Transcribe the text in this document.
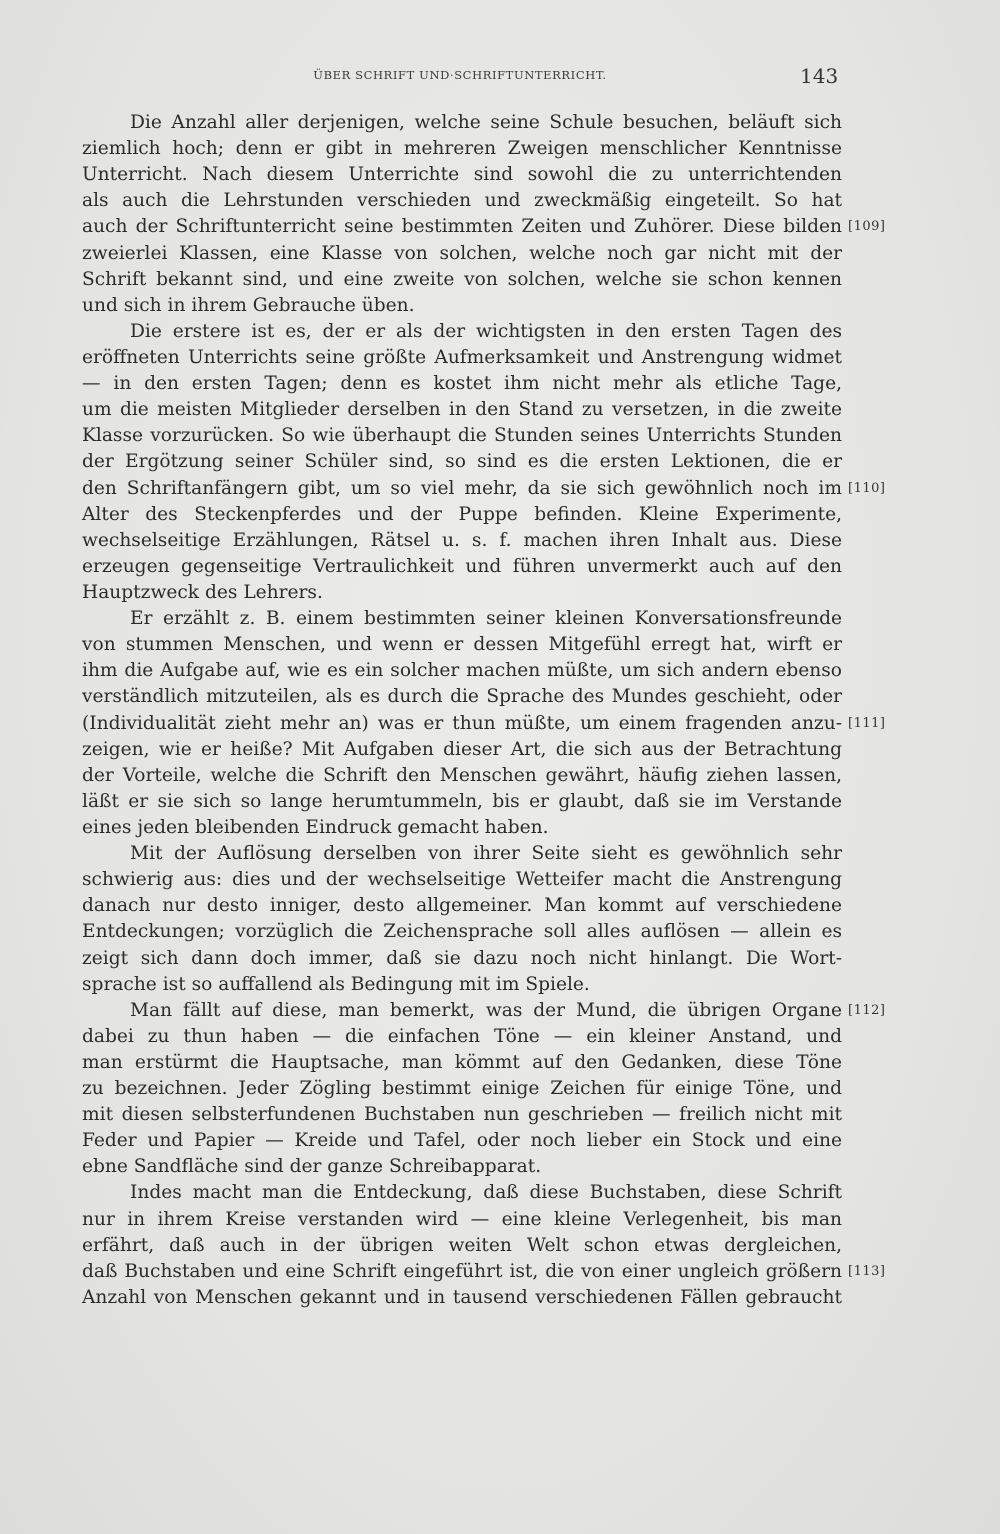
ÜBER SCHRIFT UND·SCHRIFTUNTERRICHT.	143
Die Anzahl aller derjenigen, welche seine Schule besuchen, beläuft sich
ziemlich hoch; denn er gibt in mehreren Zweigen menschlicher Kenntnisse
Unterricht. Nach diesem Unterrichte sind sowohl die zu unterrichtenden
als auch die Lehrstunden verschieden und zweckmäßig eingeteilt. So hat
auch der Schriftunterricht seine bestimmten Zeiten und Zuhörer. Diese bilden
zweierlei Klassen, eine Klasse von solchen, welche noch gar nicht mit der
Schrift bekannt sind, und eine zweite von solchen, welche sie schon kennen
und sich in ihrem Gebrauche üben.
Die erstere ist es, der er als der wichtigsten in den ersten Tagen des
eröffneten Unterrichts seine größte Aufmerksamkeit und Anstrengung widmet
— in den ersten Tagen; denn es kostet ihm nicht mehr als etliche Tage,
um die meisten Mitglieder derselben in den Stand zu versetzen, in die zweite
Klasse vorzurücken. So wie überhaupt die Stunden seines Unterrichts Stunden
der Ergötzung seiner Schüler sind, so sind es die ersten Lektionen, die er
den Schriftanfängern gibt, um so viel mehr, da sie sich gewöhnlich noch im
Alter des Steckenpferdes und der Puppe befinden. Kleine Experimente,
wechselseitige Erzählungen, Rätsel u. s. f. machen ihren Inhalt aus. Diese
erzeugen gegenseitige Vertraulichkeit und führen unvermerkt auch auf den
Hauptzweck des Lehrers.
Er erzählt z. B. einem bestimmten seiner kleinen Konversationsfreunde
von stummen Menschen, und wenn er dessen Mitgefühl erregt hat, wirft er
ihm die Aufgabe auf, wie es ein solcher machen müßte, um sich andern ebenso
verständlich mitzuteilen, als es durch die Sprache des Mundes geschieht, oder
(Individualität zieht mehr an) was er thun müßte, um einem fragenden anzu-
zeigen, wie er heiße? Mit Aufgaben dieser Art, die sich aus der Betrachtung
der Vorteile, welche die Schrift den Menschen gewährt, häufig ziehen lassen,
läßt er sie sich so lange herumtummeln, bis er glaubt, daß sie im Verstande
eines jeden bleibenden Eindruck gemacht haben.
Mit der Auflösung derselben von ihrer Seite sieht es gewöhnlich sehr
schwierig aus: dies und der wechselseitige Wetteifer macht die Anstrengung
danach nur desto inniger, desto allgemeiner. Man kommt auf verschiedene
Entdeckungen; vorzüglich die Zeichensprache soll alles auflösen — allein es
zeigt sich dann doch immer, daß sie dazu noch nicht hinlangt. Die Wort-
sprache ist so auffallend als Bedingung mit im Spiele.
Man fällt auf diese, man bemerkt, was der Mund, die übrigen Organe
dabei zu thun haben — die einfachen Töne — ein kleiner Anstand, und
man erstürmt die Hauptsache, man kömmt auf den Gedanken, diese Töne
zu bezeichnen. Jeder Zögling bestimmt einige Zeichen für einige Töne, und
mit diesen selbsterfundenen Buchstaben nun geschrieben — freilich nicht mit
Feder und Papier — Kreide und Tafel, oder noch lieber ein Stock und eine
ebne Sandfläche sind der ganze Schreibapparat.
Indes macht man die Entdeckung, daß diese Buchstaben, diese Schrift
nur in ihrem Kreise verstanden wird — eine kleine Verlegenheit, bis man
erfährt, daß auch in der übrigen weiten Welt schon etwas dergleichen,
daß Buchstaben und eine Schrift eingeführt ist, die von einer ungleich größern
Anzahl von Menschen gekannt und in tausend verschiedenen Fällen gebraucht
[109]
[110]
[111]
[112]
[113]
